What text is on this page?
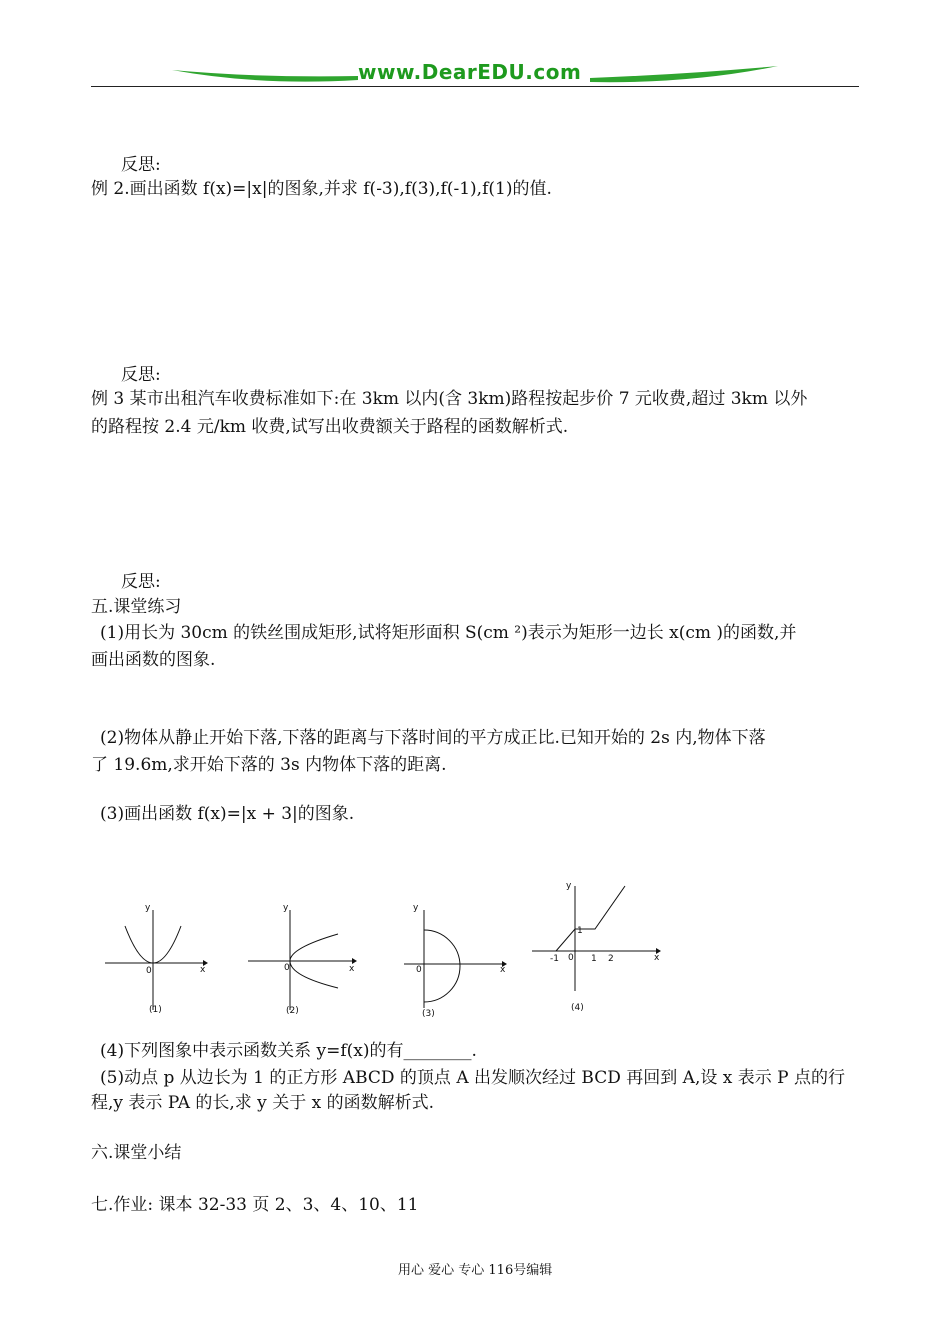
www.DearEDU.com
反思:
例 2.画出函数 f(x)=|x|的图象,并求 f(-3),f(3),f(-1),f(1)的值.
反思:
例 3 某市出租汽车收费标准如下:在 3km 以内(含 3km)路程按起步价 7 元收费,超过 3km 以外
的路程按 2.4 元/km 收费,试写出收费额关于路程的函数解析式.
反思:
五.课堂练习
(1)用长为 30cm 的铁丝围成矩形,试将矩形面积 S(cm ²)表示为矩形一边长 x(cm )的函数,并
画出函数的图象.
(2)物体从静止开始下落,下落的距离与下落时间的平方成正比.已知开始的 2s 内,物体下落
了 19.6m,求开始下落的 3s 内物体下落的距离.
(3)画出函数 f(x)=|x + 3|的图象.
y
x
0
(1)
y
x
0
(2)
y
x
0
(3)
y
x
0
1
-1	1 2
(4)
(4)下列图象中表示函数关系 y=f(x)的有________.
(5)动点 p 从边长为 1 的正方形 ABCD 的顶点 A 出发顺次经过 BCD 再回到 A,设 x 表示 P 点的行
程,y 表示 PA 的长,求 y 关于 x 的函数解析式.
六.课堂小结
七.作业: 课本 32-33 页 2、3、4、10、11
用心 爱心 专心 116号编辑
